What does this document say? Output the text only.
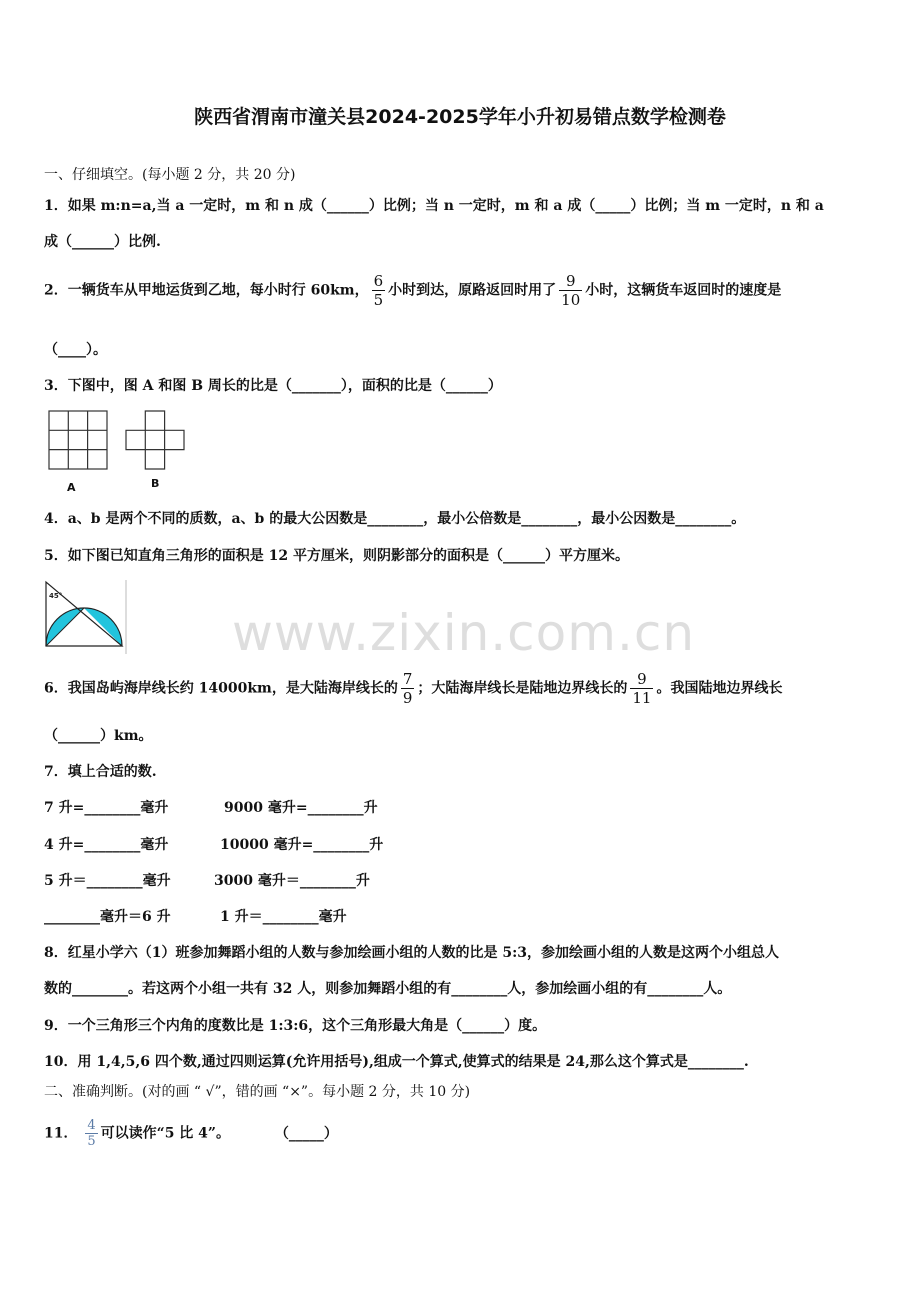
陕西省渭南市潼关县2024-2025学年小升初易错点数学检测卷
一、仔细填空。(每小题 2 分，共 20 分)
1．如果 m:n=a,当 a 一定时，m 和 n 成（______）比例；当 n 一定时，m 和 a 成（_____）比例；当 m 一定时，n 和 a
成（______）比例.
2．一辆货车从甲地运货到乙地，每小时行 60km， $\frac{6}{5}$ 小时到达，原路返回时用了 $\frac{9}{10}$ 小时，这辆货车返回时的速度是
（____）。
3．下图中，图 A 和图 B 周长的比是（_______），面积的比是（______）
A	B
4．a、b 是两个不同的质数，a、b 的最大公因数是________，最小公倍数是________，最小公因数是________。
5．如下图已知直角三角形的面积是 12 平方厘米，则阴影部分的面积是（______）平方厘米。
45°
www.zixin.com.cn
6．我国岛屿海岸线长约 14000km，是大陆海岸线长的 $\frac{7}{9}$ ；大陆海岸线长是陆地边界线长的 $\frac{9}{11}$ 。我国陆地边界线长
（______）km。
7．填上合适的数.
7 升=________毫升	9000 毫升=________升
4 升=________毫升	10000 毫升=________升
5 升＝________毫升	3000 毫升＝________升
________毫升＝6 升	1 升＝________毫升
8．红星小学六（1）班参加舞蹈小组的人数与参加绘画小组的人数的比是 5:3，参加绘画小组的人数是这两个小组总人
数的________。若这两个小组一共有 32 人，则参加舞蹈小组的有________人，参加绘画小组的有________人。
9．一个三角形三个内角的度数比是 1:3:6，这个三角形最大角是（______）度。
10．用 1,4,5,6 四个数,通过四则运算(允许用括号),组成一个算式,使算式的结果是 24,那么这个算式是________.
二、准确判断。(对的画 “ √”，错的画 “×”。每小题 2 分，共 10 分)
11． $\frac{4}{5}$ 可以读作“5 比 4”。	（_____）
